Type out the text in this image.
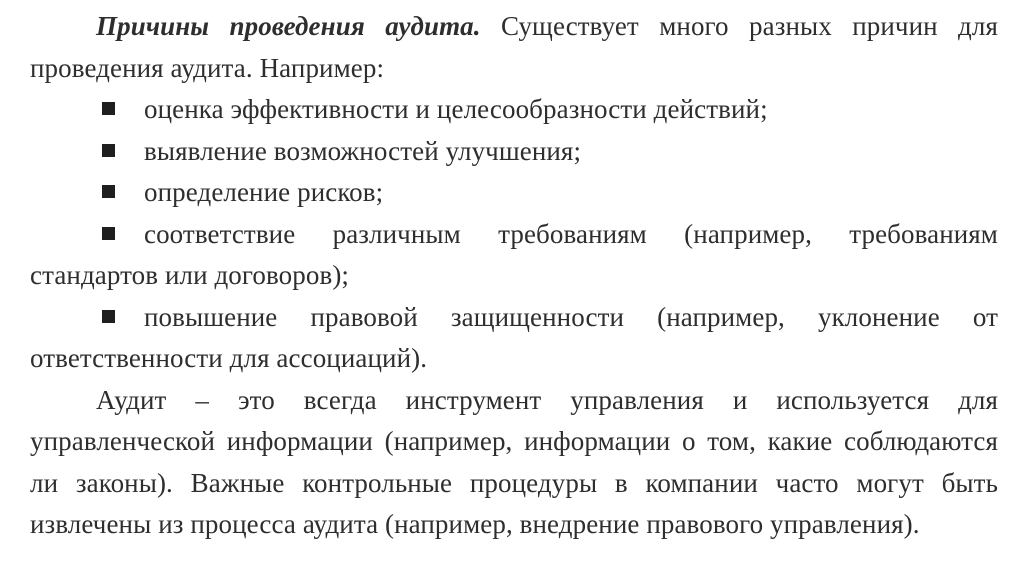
Причины проведения аудита. Существует много разных причин для проведения аудита. Например:

оценка эффективности и целесообразности действий;
выявление возможностей улучшения;
определение рисков;
соответствие различным требованиям (например, требованиям стандартов или договоров);
повышение правовой защищенности (например, уклонение от ответственности для ассоциаций).

Аудит – это всегда инструмент управления и используется для управленческой информации (например, информации о том, какие соблюдаются ли законы). Важные контрольные процедуры в компании часто могут быть извлечены из процесса аудита (например, внедрение правового управления).
